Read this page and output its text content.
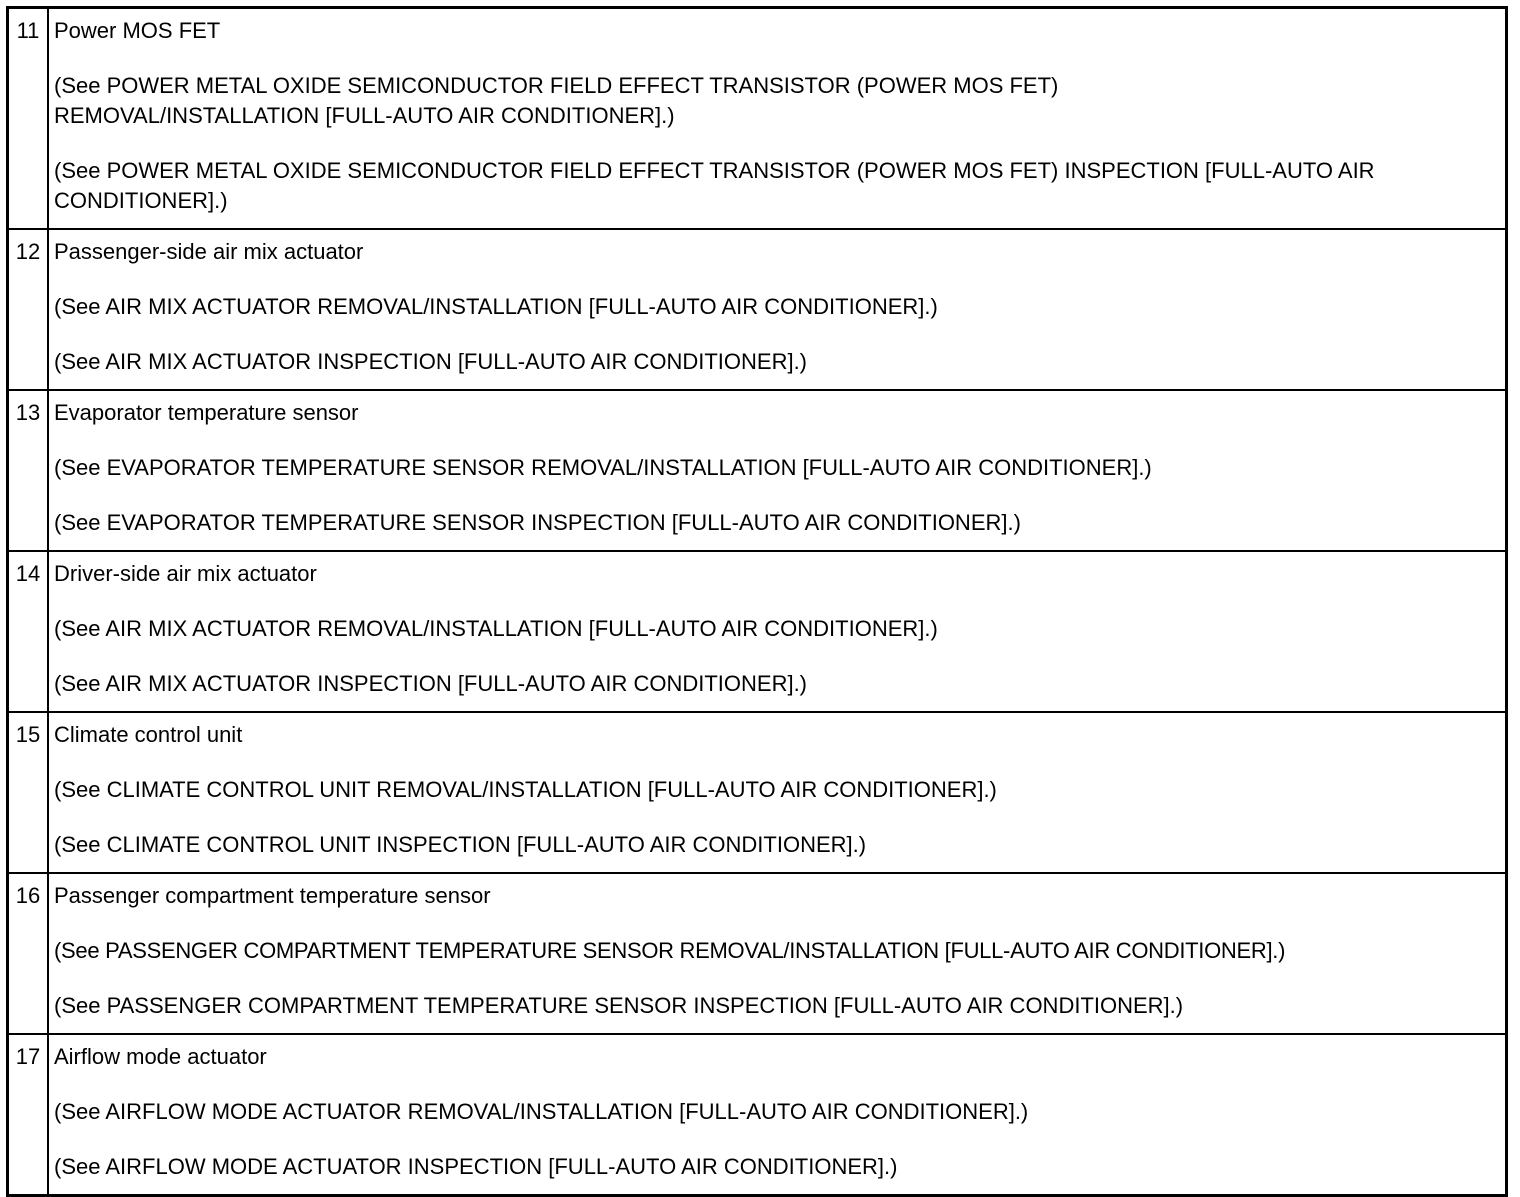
11	Power MOS FET
(See POWER METAL OXIDE SEMICONDUCTOR FIELD EFFECT TRANSISTOR (POWER MOS FET) REMOVAL/INSTALLATION [FULL-AUTO AIR CONDITIONER].)
(See POWER METAL OXIDE SEMICONDUCTOR FIELD EFFECT TRANSISTOR (POWER MOS FET) INSPECTION [FULL-AUTO AIR CONDITIONER].)

12	Passenger-side air mix actuator
(See AIR MIX ACTUATOR REMOVAL/INSTALLATION [FULL-AUTO AIR CONDITIONER].)
(See AIR MIX ACTUATOR INSPECTION [FULL-AUTO AIR CONDITIONER].)

13	Evaporator temperature sensor
(See EVAPORATOR TEMPERATURE SENSOR REMOVAL/INSTALLATION [FULL-AUTO AIR CONDITIONER].)
(See EVAPORATOR TEMPERATURE SENSOR INSPECTION [FULL-AUTO AIR CONDITIONER].)

14	Driver-side air mix actuator
(See AIR MIX ACTUATOR REMOVAL/INSTALLATION [FULL-AUTO AIR CONDITIONER].)
(See AIR MIX ACTUATOR INSPECTION [FULL-AUTO AIR CONDITIONER].)

15	Climate control unit
(See CLIMATE CONTROL UNIT REMOVAL/INSTALLATION [FULL-AUTO AIR CONDITIONER].)
(See CLIMATE CONTROL UNIT INSPECTION [FULL-AUTO AIR CONDITIONER].)

16	Passenger compartment temperature sensor
(See PASSENGER COMPARTMENT TEMPERATURE SENSOR REMOVAL/INSTALLATION [FULL-AUTO AIR CONDITIONER].)
(See PASSENGER COMPARTMENT TEMPERATURE SENSOR INSPECTION [FULL-AUTO AIR CONDITIONER].)

17	Airflow mode actuator
(See AIRFLOW MODE ACTUATOR REMOVAL/INSTALLATION [FULL-AUTO AIR CONDITIONER].)
(See AIRFLOW MODE ACTUATOR INSPECTION [FULL-AUTO AIR CONDITIONER].)
